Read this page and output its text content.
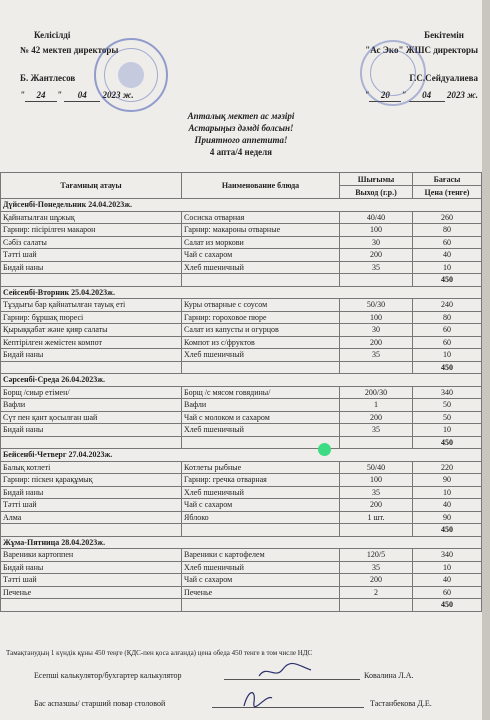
Келісілді
№ 42 мектеп директоры
Б. Жантлесов
" 24 " 04 2023 ж.
Бекітемін
"Ас Эко" ЖШС директоры
Г.С.Сейдуалиева
" 20 " 04 2023 ж.
Апталық мектеп ас мәзірі
Астарыңыз дәмді болсын!
Приятного аппетита!
4 апта/4 неделя
Тағамның атауы	Наименование блюда	Шығымы	Бағасы
		Выход (г.р.)	Цена (тенге)
Дүйсенбі-Понедельник 24.04.2023ж.			
Қайнатылған шұжық	Сосиска отварная	40/40	260
Гарнир: пісірілген макарон	Гарнир: макароны отварные	100	80
Сәбіз салаты	Салат из моркови	30	60
Тәтті шай	Чай с сахаром	200	40
Бидай наны	Хлеб пшеничный	35	10
			450
Сейсенбі-Вторник 25.04.2023ж.			
Тұздығы бар қайнатылған тауық еті	Куры отварные с соусом	50/30	240
Гарнир: бұршақ пюресі	Гарнир: гороховое пюре	100	80
Қырыққабат және қияр салаты	Салат из капусты и огурцов	30	60
Кептірілген жемістен компот	Компот из с/фруктов	200	60
Бидай наны	Хлеб пшеничный	35	10
			450
Сәрсенбі-Среда 26.04.2023ж.			
Борщ /сиыр етімен/	Борщ /с мясом говядины/	200/30	340
Вафли	Вафли	1	50
Сүт пен қант қосылған шай	Чай с молоком и сахаром	200	50
Бидай наны	Хлеб пшеничный	35	10
			450
Бейсенбі-Четверг 27.04.2023ж.			
Балық котлеті	Котлеты рыбные	50/40	220
Гарнир: піскен қарақұмық	Гарнир: гречка отварная	100	90
Бидай наны	Хлеб пшеничный	35	10
Тәтті шай	Чай с сахаром	200	40
Алма	Яблоко	1 шт.	90
			450
Жұма-Пятница 28.04.2023ж.			
Вареники картоппен	Вареники с картофелем	120/5	340
Бидай наны	Хлеб пшеничный	35	10
Тәтті шай	Чай с сахаром	200	40
Печенье	Печенье	2	60
			450
Тамақтанудың 1 күндік құны 450 теңге (ҚДС-пен қоса алғанда) цена обеда 450 тенге в том числе НДС
Есепші калькулятор/бухгартер калькулятор	Ковалина Л.А.
Бас аспазшы/ старший повар столовой	Тастанбекова Д.Е.
